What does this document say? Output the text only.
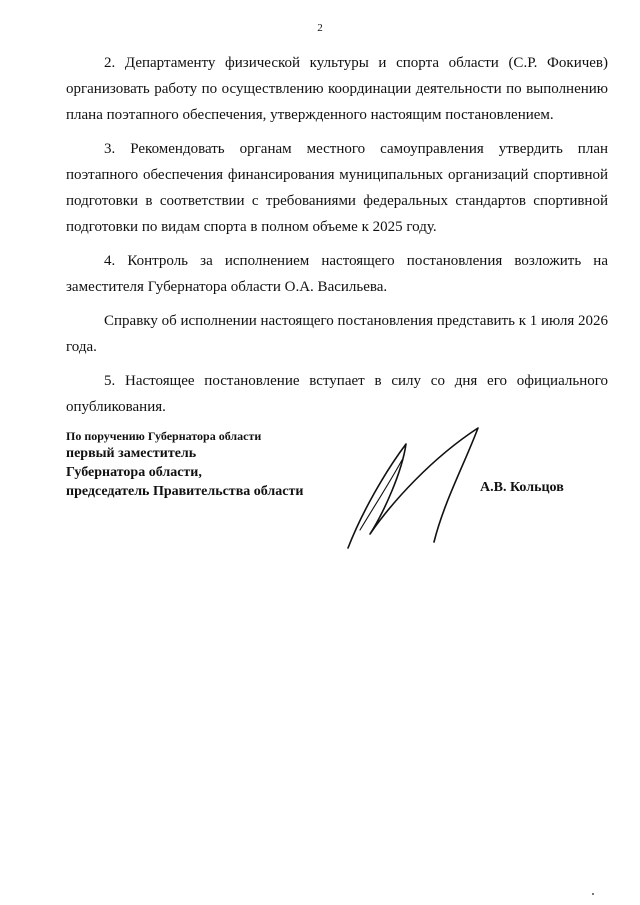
2

2. Департаменту физической культуры и спорта области (С.Р. Фокичев) организовать работу по осуществлению координации деятельности по выполнению плана поэтапного обеспечения, утвержденного настоящим постановлением.

3. Рекомендовать органам местного самоуправления утвердить план поэтапного обеспечения финансирования муниципальных организаций спортивной подготовки в соответствии с требованиями федеральных стандартов спортивной подготовки по видам спорта в полном объеме к 2025 году.

4. Контроль за исполнением настоящего постановления возложить на заместителя Губернатора области О.А. Васильева.

Справку об исполнении настоящего постановления представить к 1 июля 2026 года.

5. Настоящее постановление вступает в силу со дня его официального опубликования.

По поручению Губернатора области
первый заместитель
Губернатора области,
председатель Правительства области	А.В. Кольцов
